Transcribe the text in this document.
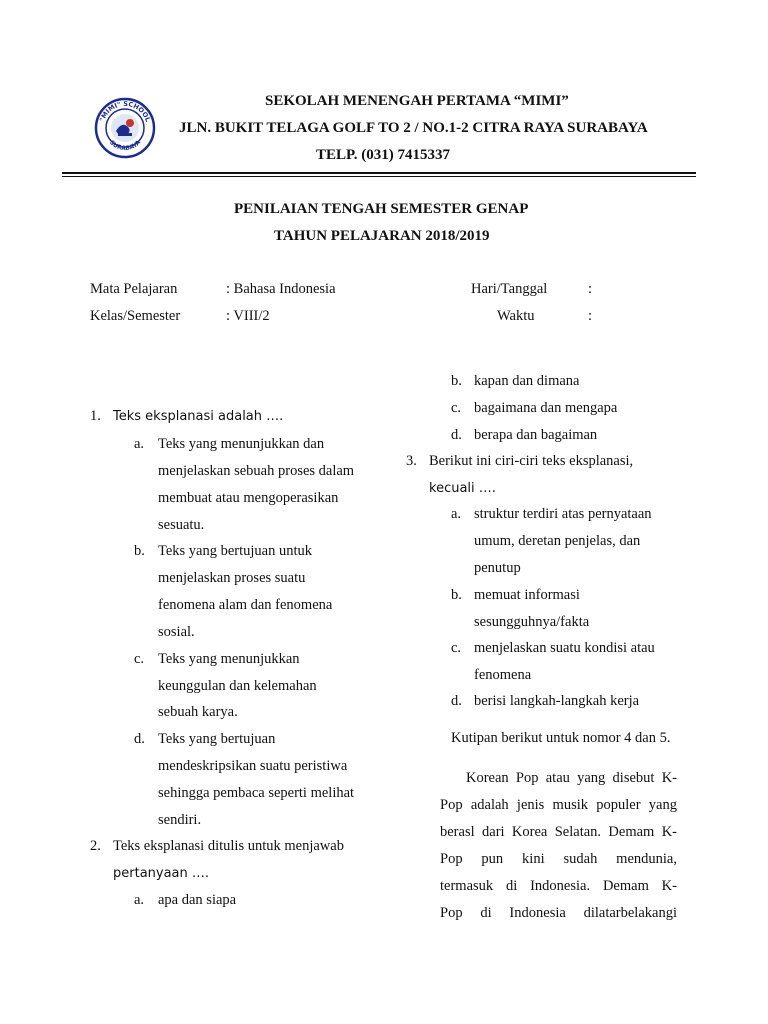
"MIMI" SCHOOL
SURABAYA
SEKOLAH MENENGAH PERTAMA “MIMI”
JLN. BUKIT TELAGA GOLF TO 2 / NO.1-2 CITRA RAYA SURABAYA
TELP. (031) 7415337
PENILAIAN TENGAH SEMESTER GENAP
TAHUN PELAJARAN 2018/2019
Mata Pelajaran	: Bahasa Indonesia	Hari/Tanggal	:
Kelas/Semester	: VIII/2	Waktu	:
1. Teks eksplanasi adalah ….
a. Teks yang menunjukkan dan
menjelaskan sebuah proses dalam
membuat atau mengoperasikan
sesuatu.
b. Teks yang bertujuan untuk
menjelaskan proses suatu
fenomena alam dan fenomena
sosial.
c. Teks yang menunjukkan
keunggulan dan kelemahan
sebuah karya.
d. Teks yang bertujuan
mendeskripsikan suatu peristiwa
sehingga pembaca seperti melihat
sendiri.
2. Teks eksplanasi ditulis untuk menjawab
pertanyaan ….
a. apa dan siapa
b. kapan dan dimana
c. bagaimana dan mengapa
d. berapa dan bagaiman
3. Berikut ini ciri-ciri teks eksplanasi,
kecuali ….
a. struktur terdiri atas pernyataan
umum, deretan penjelas, dan
penutup
b. memuat informasi
sesungguhnya/fakta
c. menjelaskan suatu kondisi atau
fenomena
d. berisi langkah-langkah kerja
Kutipan berikut untuk nomor 4 dan 5.
Korean Pop atau yang disebut K-
Pop adalah jenis musik populer yang
berasl dari Korea Selatan. Demam K-
Pop pun kini sudah mendunia,
termasuk di Indonesia. Demam K-
Pop di Indonesia dilatarbelakangi
